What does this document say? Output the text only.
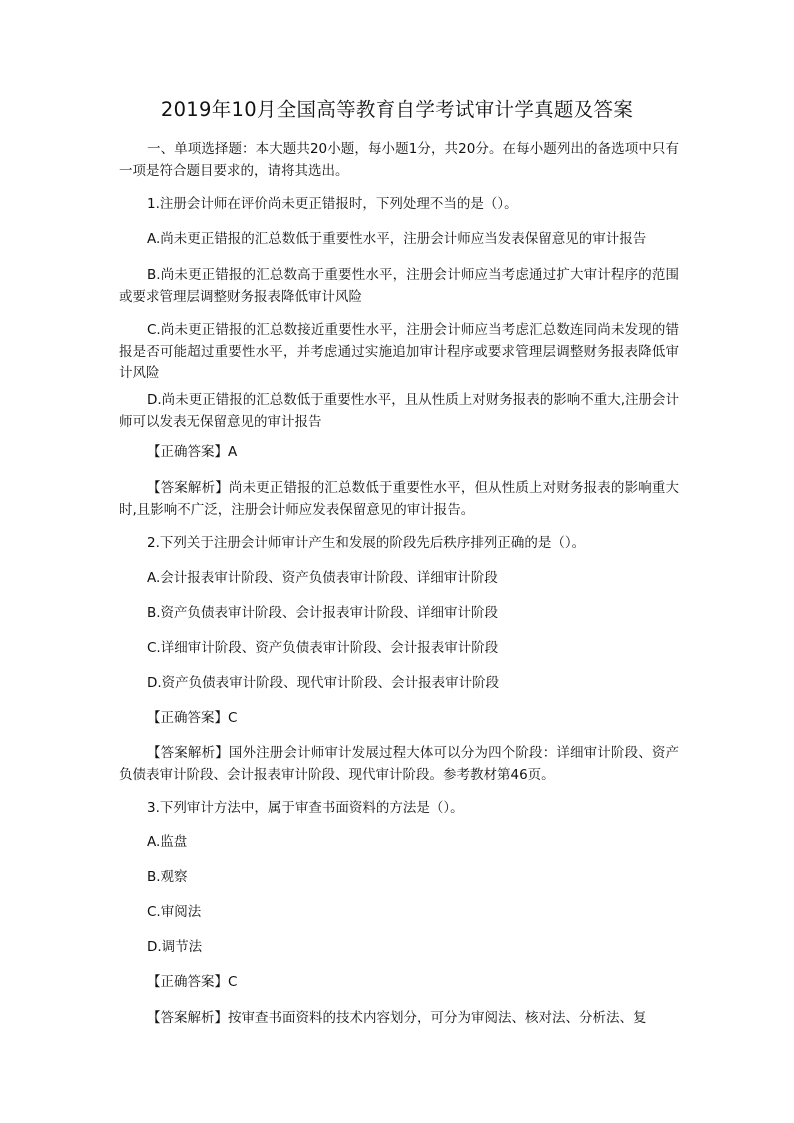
2019年10月全国高等教育自学考试审计学真题及答案

一、单项选择题：本大题共20小题，每小题1分，共20分。在每小题列出的备选项中只有一项是符合题目要求的，请将其选出。

1.注册会计师在评价尚未更正错报时，下列处理不当的是（）。

A.尚未更正错报的汇总数低于重要性水平，注册会计师应当发表保留意见的审计报告

B.尚未更正错报的汇总数高于重要性水平，注册会计师应当考虑通过扩大审计程序的范围或要求管理层调整财务报表降低审计风险

C.尚未更正错报的汇总数接近重要性水平，注册会计师应当考虑汇总数连同尚未发现的错报是否可能超过重要性水平，并考虑通过实施追加审计程序或要求管理层调整财务报表降低审计风险

D.尚未更正错报的汇总数低于重要性水平，且从性质上对财务报表的影响不重大,注册会计师可以发表无保留意见的审计报告

【正确答案】A

【答案解析】尚未更正错报的汇总数低于重要性水平，但从性质上对财务报表的影响重大时,且影响不广泛，注册会计师应发表保留意见的审计报告。

2.下列关于注册会计师审计产生和发展的阶段先后秩序排列正确的是（）。

A.会计报表审计阶段、资产负债表审计阶段、详细审计阶段

B.资产负债表审计阶段、会计报表审计阶段、详细审计阶段

C.详细审计阶段、资产负债表审计阶段、会计报表审计阶段

D.资产负债表审计阶段、现代审计阶段、会计报表审计阶段

【正确答案】C

【答案解析】国外注册会计师审计发展过程大体可以分为四个阶段：详细审计阶段、资产负债表审计阶段、会计报表审计阶段、现代审计阶段。参考教材第46页。

3.下列审计方法中，属于审查书面资料的方法是（）。

A.监盘

B.观察

C.审阅法

D.调节法

【正确答案】C

【答案解析】按审查书面资料的技术内容划分，可分为审阅法、核对法、分析法、复
